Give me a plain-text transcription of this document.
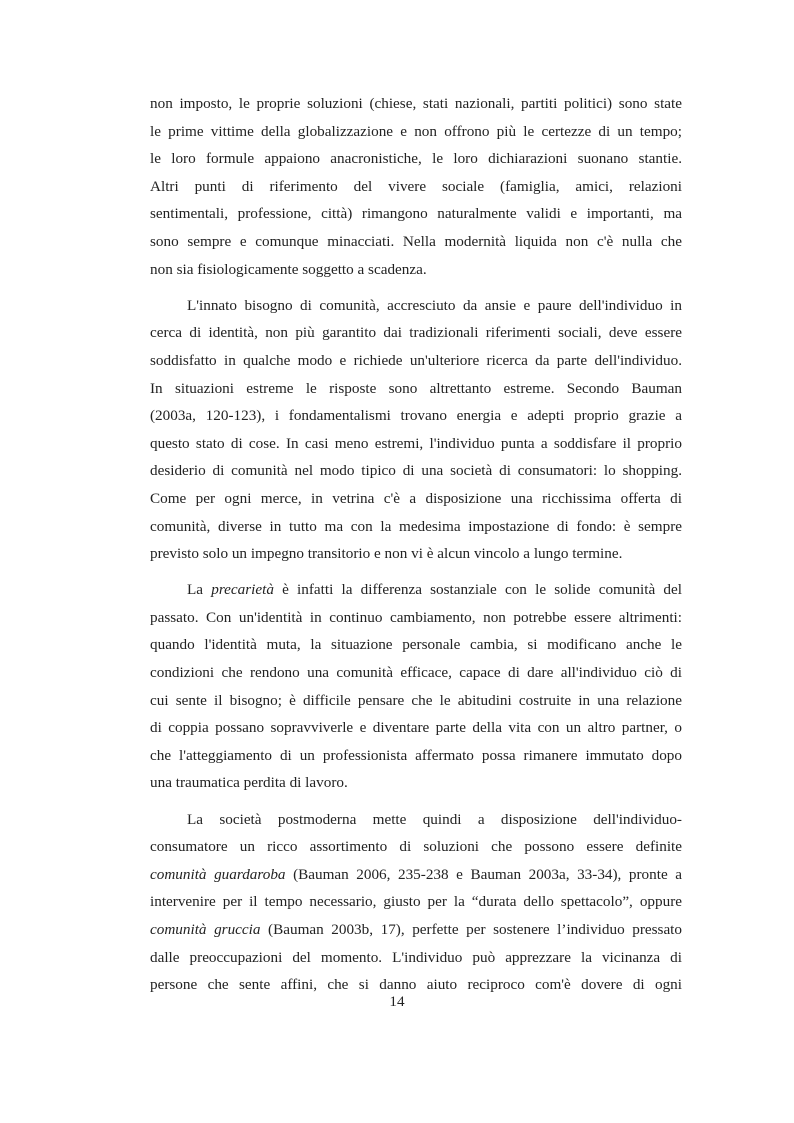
non imposto, le proprie soluzioni (chiese, stati nazionali, partiti politici) sono state
le prime vittime della globalizzazione e non offrono più le certezze di un tempo;
le loro formule appaiono anacronistiche, le loro dichiarazioni suonano stantie.
Altri punti di riferimento del vivere sociale (famiglia, amici, relazioni
sentimentali, professione, città) rimangono naturalmente validi e importanti, ma
sono sempre e comunque minacciati. Nella modernità liquida non c'è nulla che
non sia fisiologicamente soggetto a scadenza.
L'innato bisogno di comunità, accresciuto da ansie e paure dell'individuo in
cerca di identità, non più garantito dai tradizionali riferimenti sociali, deve essere
soddisfatto in qualche modo e richiede un'ulteriore ricerca da parte dell'individuo.
In situazioni estreme le risposte sono altrettanto estreme. Secondo Bauman
(2003a, 120-123), i fondamentalismi trovano energia e adepti proprio grazie a
questo stato di cose. In casi meno estremi, l'individuo punta a soddisfare il proprio
desiderio di comunità nel modo tipico di una società di consumatori: lo shopping.
Come per ogni merce, in vetrina c'è a disposizione una ricchissima offerta di
comunità, diverse in tutto ma con la medesima impostazione di fondo: è sempre
previsto solo un impegno transitorio e non vi è alcun vincolo a lungo termine.
La precarietà è infatti la differenza sostanziale con le solide comunità del
passato. Con un'identità in continuo cambiamento, non potrebbe essere altrimenti:
quando l'identità muta, la situazione personale cambia, si modificano anche le
condizioni che rendono una comunità efficace, capace di dare all'individuo ciò di
cui sente il bisogno; è difficile pensare che le abitudini costruite in una relazione
di coppia possano sopravviverle e diventare parte della vita con un altro partner, o
che l'atteggiamento di un professionista affermato possa rimanere immutato dopo
una traumatica perdita di lavoro.
La società postmoderna mette quindi a disposizione dell'individuo-
consumatore un ricco assortimento di soluzioni che possono essere definite
comunità guardaroba (Bauman 2006, 235-238 e Bauman 2003a, 33-34), pronte a
intervenire per il tempo necessario, giusto per la “durata dello spettacolo”, oppure
comunità gruccia (Bauman 2003b, 17), perfette per sostenere l’individuo pressato
dalle preoccupazioni del momento. L'individuo può apprezzare la vicinanza di
persone che sente affini, che si danno aiuto reciproco com'è dovere di ogni
14
